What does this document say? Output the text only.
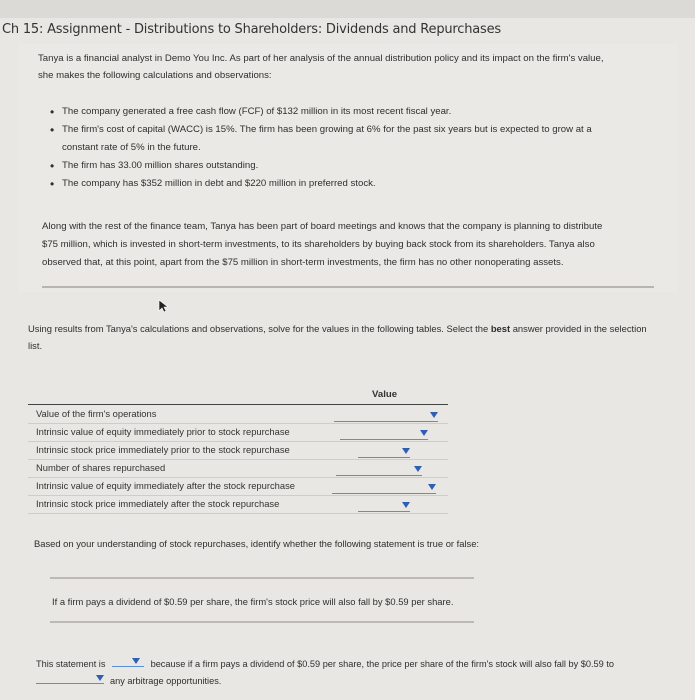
Ch 15: Assignment - Distributions to Shareholders: Dividends and Repurchases
Tanya is a financial analyst in Demo You Inc. As part of her analysis of the annual distribution policy and its impact on the firm's value,
she makes the following calculations and observations:
• The company generated a free cash flow (FCF) of $132 million in its most recent fiscal year.
• The firm's cost of capital (WACC) is 15%. The firm has been growing at 6% for the past six years but is expected to grow at a
constant rate of 5% in the future.
• The firm has 33.00 million shares outstanding.
• The company has $352 million in debt and $220 million in preferred stock.
Along with the rest of the finance team, Tanya has been part of board meetings and knows that the company is planning to distribute
$75 million, which is invested in short-term investments, to its shareholders by buying back stock from its shareholders. Tanya also
observed that, at this point, apart from the $75 million in short-term investments, the firm has no other nonoperating assets.
Using results from Tanya's calculations and observations, solve for the values in the following tables. Select the best answer provided in the selection
list.
Value
Value of the firm's operations
Intrinsic value of equity immediately prior to stock repurchase
Intrinsic stock price immediately prior to the stock repurchase
Number of shares repurchased
Intrinsic value of equity immediately after the stock repurchase
Intrinsic stock price immediately after the stock repurchase
Based on your understanding of stock repurchases, identify whether the following statement is true or false:
If a firm pays a dividend of $0.59 per share, the firm's stock price will also fall by $0.59 per share.
This statement is	because if a firm pays a dividend of $0.59 per share, the price per share of the firm's stock will also fall by $0.59 to

any arbitrage opportunities.
